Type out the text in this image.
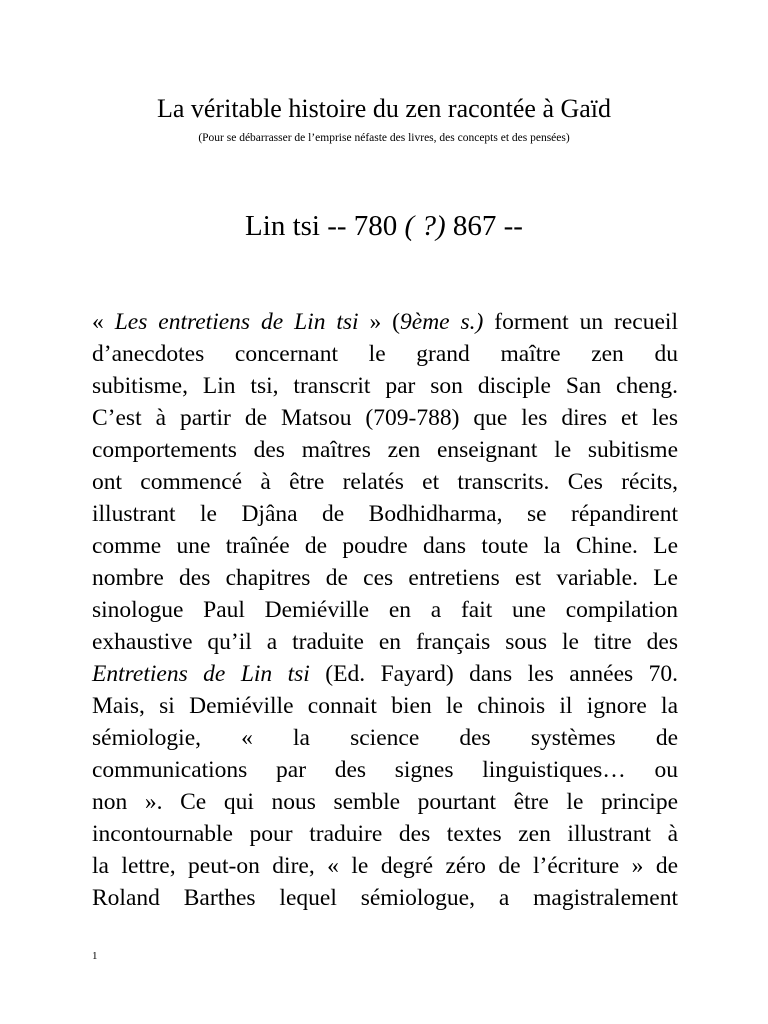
La véritable histoire du zen racontée à Gaïd

(Pour se débarrasser de l’emprise néfaste des livres, des concepts et des pensées)

Lin tsi -- 780 ( ?) 867 --
« Les entretiens de Lin tsi » (9ème s.) forment un recueil
d’anecdotes concernant le grand maître zen du
subitisme, Lin tsi, transcrit par son disciple San cheng.
C’est à partir de Matsou (709-788) que les dires et les
comportements des maîtres zen enseignant le subitisme
ont commencé à être relatés et transcrits. Ces récits,
illustrant le Djâna de Bodhidharma, se répandirent
comme une traînée de poudre dans toute la Chine. Le
nombre des chapitres de ces entretiens est variable. Le
sinologue Paul Demiéville en a fait une compilation
exhaustive qu’il a traduite en français sous le titre des
Entretiens de Lin tsi (Ed. Fayard) dans les années 70.
Mais, si Demiéville connait bien le chinois il ignore la
sémiologie, « la science des systèmes de
communications par des signes linguistiques… ou
non ». Ce qui nous semble pourtant être le principe
incontournable pour traduire des textes zen illustrant à
la lettre, peut-on dire, « le degré zéro de l’écriture » de
Roland Barthes lequel sémiologue, a magistralement

1
